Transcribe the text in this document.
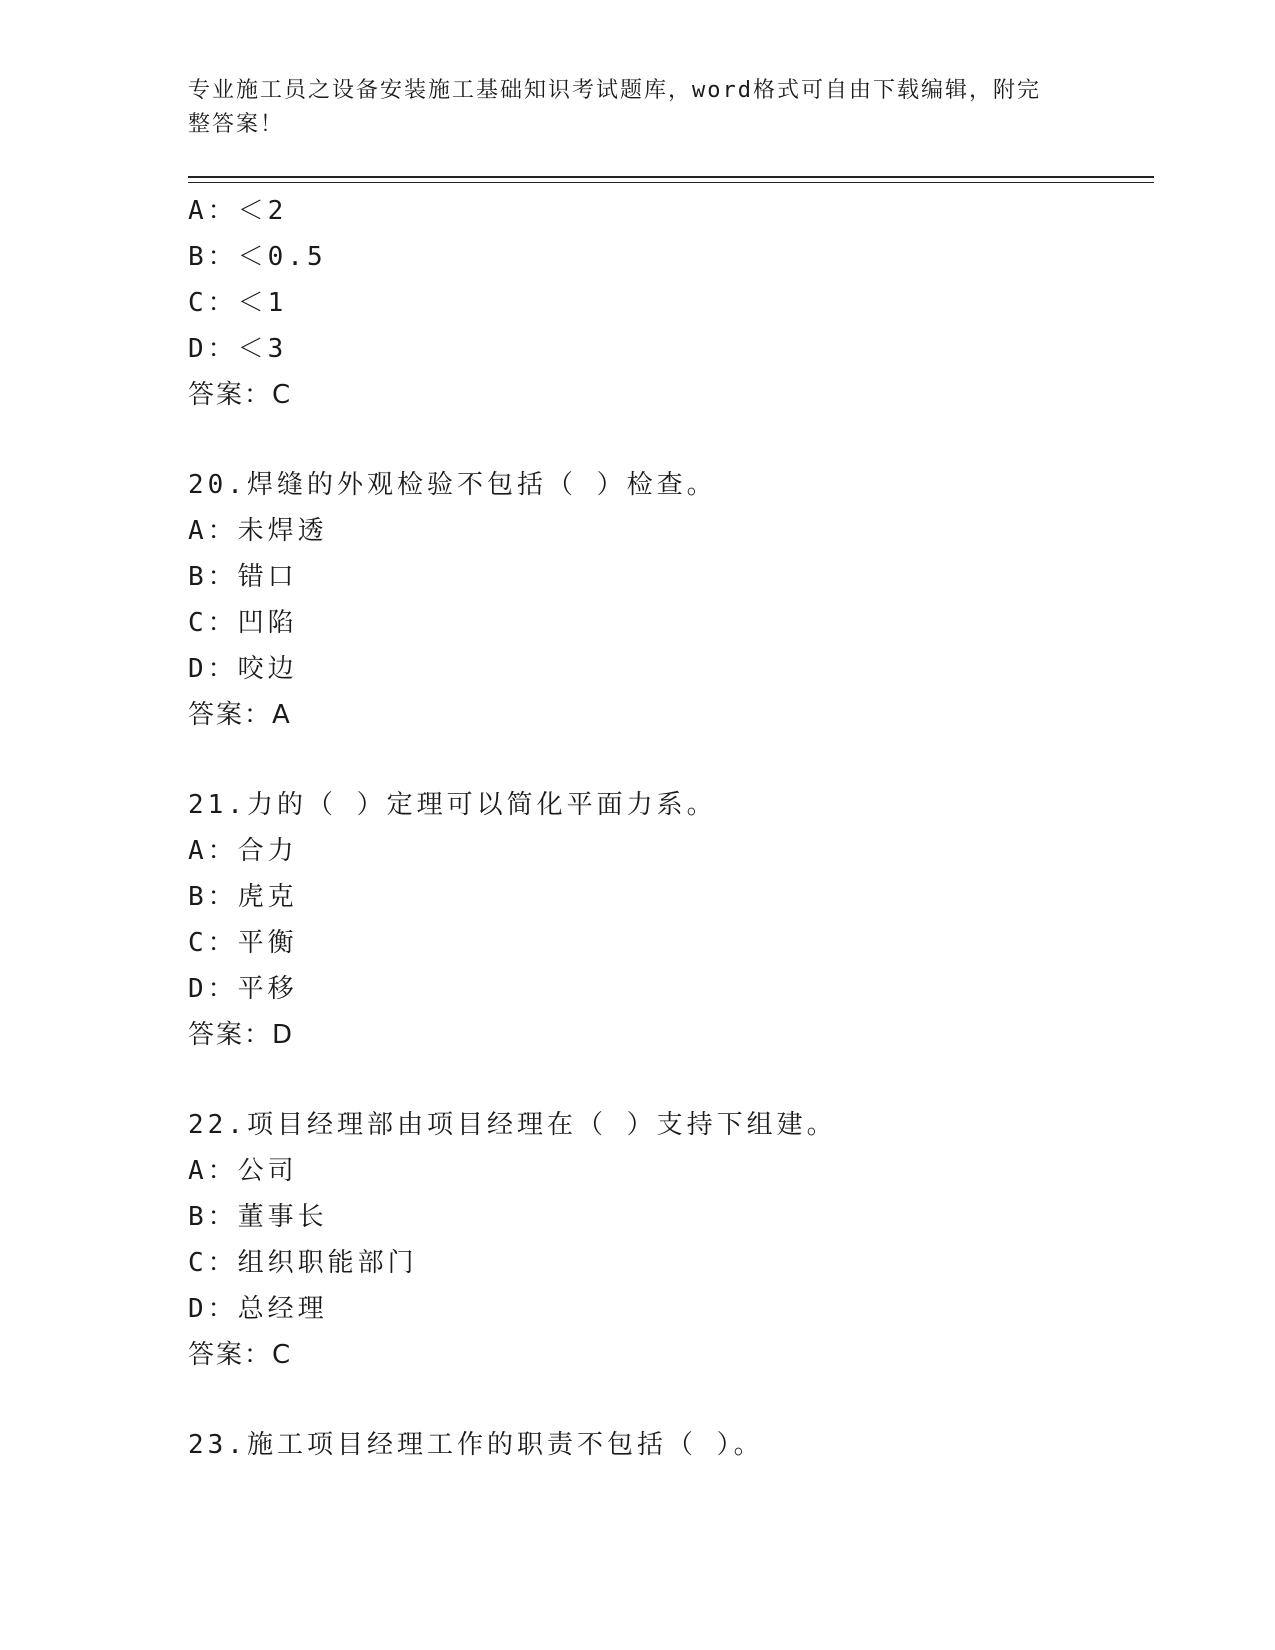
专业施工员之设备安装施工基础知识考试题库，word格式可自由下载编辑，附完
整答案！
A：＜2
B：＜0.5
C：＜1
D：＜3
答案：C
20.焊缝的外观检验不包括（ ）检查。
A：未焊透
B：错口
C：凹陷
D：咬边
答案：A
21.力的（ ）定理可以简化平面力系。
A：合力
B：虎克
C：平衡
D：平移
答案：D
22.项目经理部由项目经理在（ ）支持下组建。
A：公司
B：董事长
C：组织职能部门
D：总经理
答案：C
23.施工项目经理工作的职责不包括（ ）。
